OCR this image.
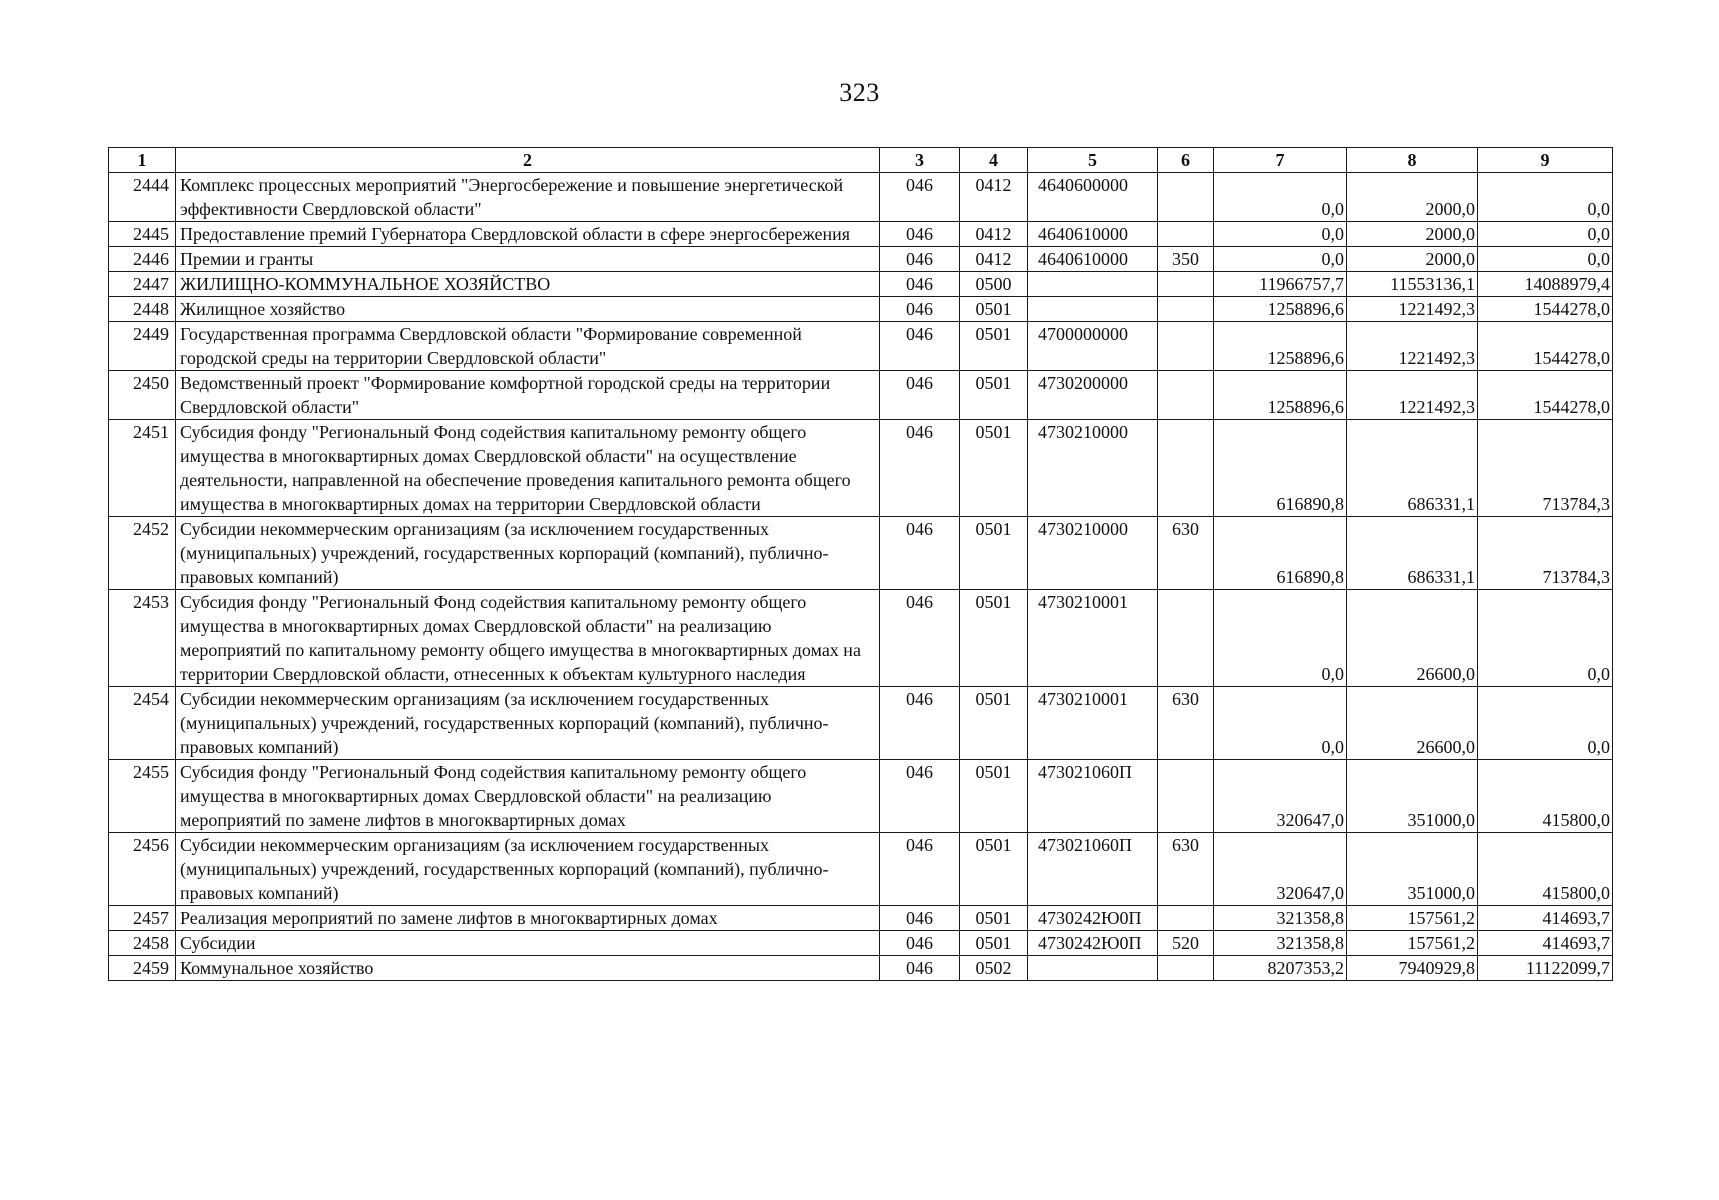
323
1	2	3	4	5	6	7	8	9
2444	Комплекс процессных мероприятий "Энергосбережение и повышение энергетической эффективности Свердловской области"	046	0412	4640600000		0,0	2000,0	0,0
2445	Предоставление премий Губернатора Свердловской области в сфере энергосбережения	046	0412	4640610000		0,0	2000,0	0,0
2446	Премии и гранты	046	0412	4640610000	350	0,0	2000,0	0,0
2447	ЖИЛИЩНО-КОММУНАЛЬНОЕ ХОЗЯЙСТВО	046	0500			11966757,7	11553136,1	14088979,4
2448	Жилищное хозяйство	046	0501			1258896,6	1221492,3	1544278,0
2449	Государственная программа Свердловской области "Формирование современной городской среды на территории Свердловской области"	046	0501	4700000000		1258896,6	1221492,3	1544278,0
2450	Ведомственный проект "Формирование комфортной городской среды на территории Свердловской области"	046	0501	4730200000		1258896,6	1221492,3	1544278,0
2451	Субсидия фонду "Региональный Фонд содействия капитальному ремонту общего имущества в многоквартирных домах Свердловской области" на осуществление деятельности, направленной на обеспечение проведения капитального ремонта общего имущества в многоквартирных домах на территории Свердловской области	046	0501	4730210000		616890,8	686331,1	713784,3
2452	Субсидии некоммерческим организациям (за исключением государственных (муниципальных) учреждений, государственных корпораций (компаний), публично-правовых компаний)	046	0501	4730210000	630	616890,8	686331,1	713784,3
2453	Субсидия фонду "Региональный Фонд содействия капитальному ремонту общего имущества в многоквартирных домах Свердловской области" на реализацию мероприятий по капитальному ремонту общего имущества в многоквартирных домах на территории Свердловской области, отнесенных к объектам культурного наследия	046	0501	4730210001		0,0	26600,0	0,0
2454	Субсидии некоммерческим организациям (за исключением государственных (муниципальных) учреждений, государственных корпораций (компаний), публично-правовых компаний)	046	0501	4730210001	630	0,0	26600,0	0,0
2455	Субсидия фонду "Региональный Фонд содействия капитальному ремонту общего имущества в многоквартирных домах Свердловской области" на реализацию мероприятий по замене лифтов в многоквартирных домах	046	0501	473021060П		320647,0	351000,0	415800,0
2456	Субсидии некоммерческим организациям (за исключением государственных (муниципальных) учреждений, государственных корпораций (компаний), публично-правовых компаний)	046	0501	473021060П	630	320647,0	351000,0	415800,0
2457	Реализация мероприятий по замене лифтов в многоквартирных домах	046	0501	4730242Ю0П		321358,8	157561,2	414693,7
2458	Субсидии	046	0501	4730242Ю0П	520	321358,8	157561,2	414693,7
2459	Коммунальное хозяйство	046	0502			8207353,2	7940929,8	11122099,7
